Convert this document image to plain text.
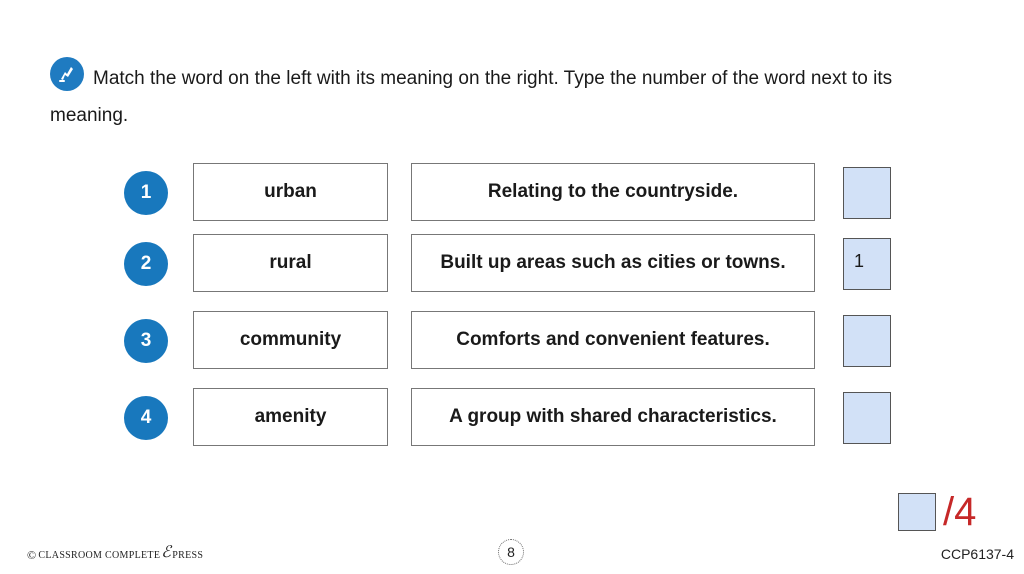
Match the word on the left with its meaning on the right. Type the number of the word next to its meaning.
1	urban	Relating to the countryside.
2	rural	Built up areas such as cities or towns.	1
3	community	Comforts and convenient features.
4	amenity	A group with shared characteristics.
/4
© CLASSROOM COMPLETE ℰ PRESS	8	CCP6137-4
